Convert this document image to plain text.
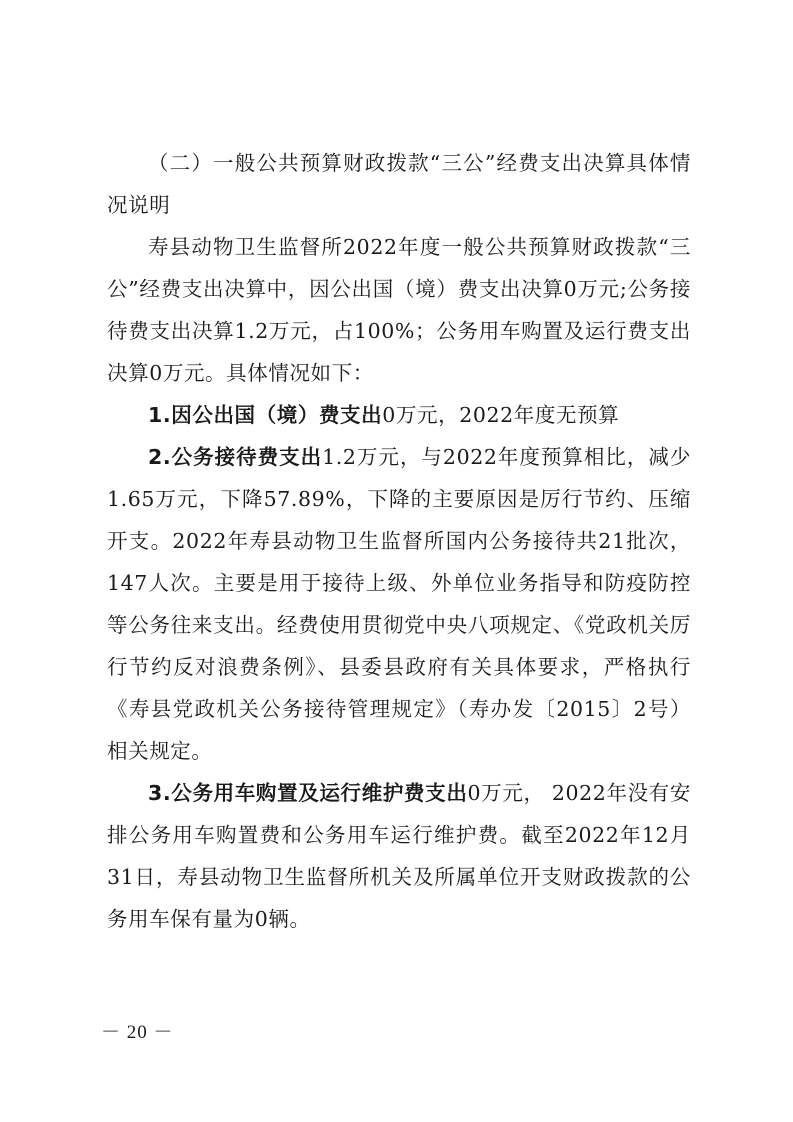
（二）一般公共预算财政拨款“三公”经费支出决算具体情况说明

寿县动物卫生监督所2022年度一般公共预算财政拨款“三公”经费支出决算中，因公出国（境）费支出决算0万元;公务接待费支出决算1.2万元，占100%；公务用车购置及运行费支出决算0万元。具体情况如下：

1.因公出国（境）费支出0万元，2022年度无预算

2.公务接待费支出1.2万元，与2022年度预算相比，减少1.65万元，下降57.89%，下降的主要原因是厉行节约、压缩开支。2022年寿县动物卫生监督所国内公务接待共21批次，147人次。主要是用于接待上级、外单位业务指导和防疫防控等公务往来支出。经费使用贯彻党中央八项规定、《党政机关厉行节约反对浪费条例》、县委县政府有关具体要求，严格执行《寿县党政机关公务接待管理规定》（寿办发〔2015〕2号）相关规定。

3.公务用车购置及运行维护费支出0万元， 2022年没有安排公务用车购置费和公务用车运行维护费。截至2022年12月31日，寿县动物卫生监督所机关及所属单位开支财政拨款的公务用车保有量为0辆。

－ 20 －
